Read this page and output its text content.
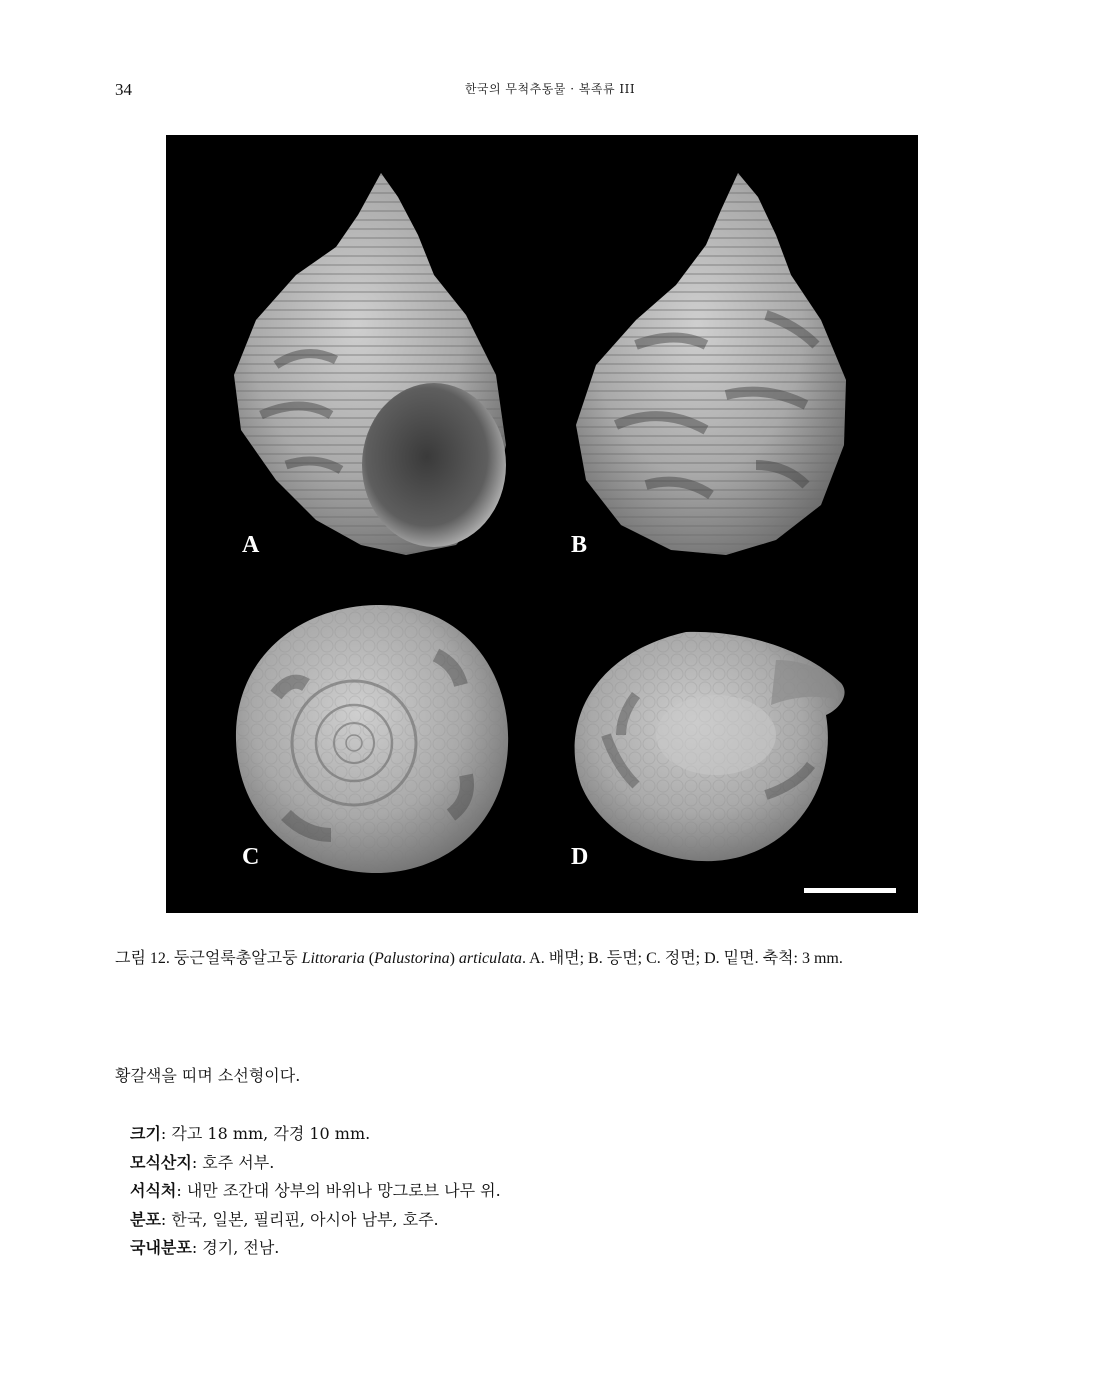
34	한국의 무척추동물 · 복족류 III
A	B
C	D
그림 12. 둥근얼룩총알고둥 Littoraria (Palustorina) articulata. A. 배면; B. 등면; C. 정면; D. 밑면. 축척: 3 mm.
황갈색을 띠며 소선형이다.
크기: 각고 18 mm, 각경 10 mm.
모식산지: 호주 서부.
서식처: 내만 조간대 상부의 바위나 망그로브 나무 위.
분포: 한국, 일본, 필리핀, 아시아 남부, 호주.
국내분포: 경기, 전남.
